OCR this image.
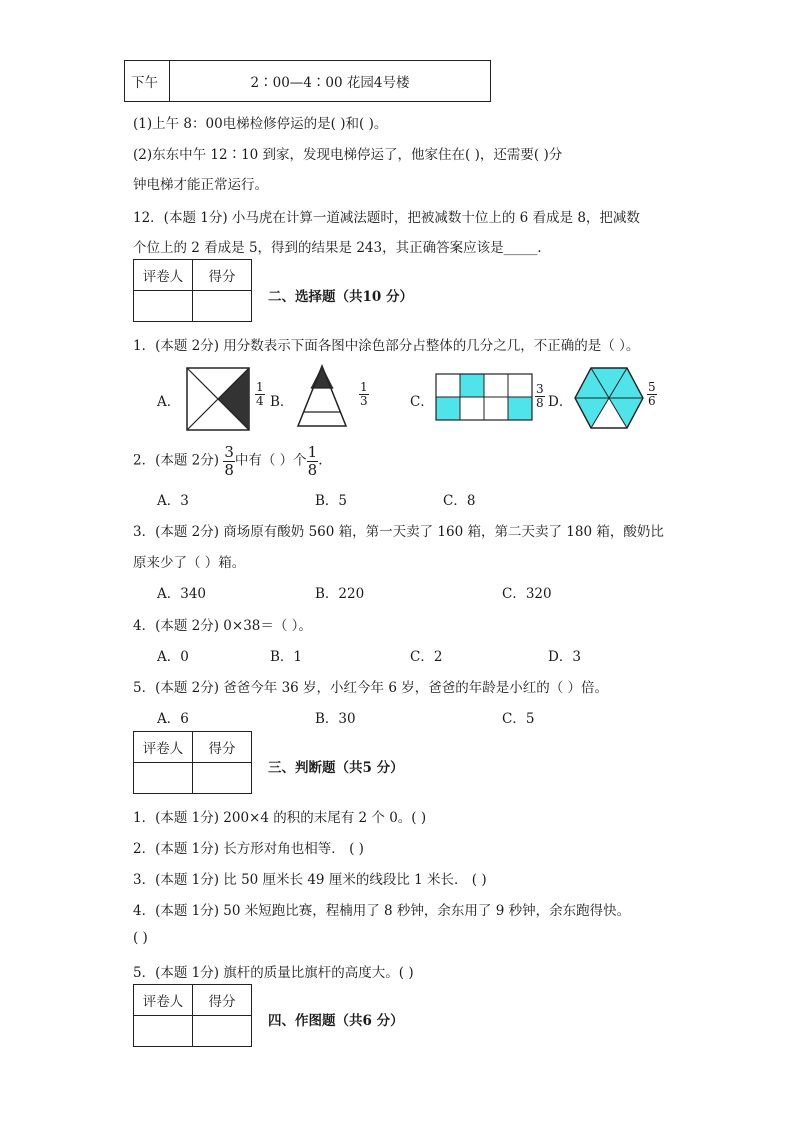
下午	2∶00—4∶00 花园4号楼
(1)上午 8：00电梯检修停运的是( )和( )。
(2)东东中午 12∶10 到家，发现电梯停运了，他家住在( )，还需要( )分
钟电梯才能正常运行。
12．(本题 1分) 小马虎在计算一道减法题时，把被减数十位上的 6 看成是 8，把减数
个位上的 2 看成是 5，得到的结果是 243，其正确答案应该是_____．
评卷人	得分

二、选择题（共10 分）
1．(本题 2分) 用分数表示下面各图中涂色部分占整体的几分之几，不正确的是（ ）。
A．	$\frac{1}{4}$ B．	$\frac{1}{3}$	C．	$\frac{3}{8}$ D．	$\frac{5}{6}$
2．(本题 2分) $\frac{3}{8}$ 中有（ ）个 $\frac{1}{8}$ .
A．3	B．5	C．8
3．(本题 2分) 商场原有酸奶 560 箱，第一天卖了 160 箱，第二天卖了 180 箱，酸奶比
原来少了（ ）箱。
A．340	B．220	C．320
4．(本题 2分) 0×38＝（ ）。
A．0	B．1	C．2	D．3
5．(本题 2分) 爸爸今年 36 岁，小红今年 6 岁，爸爸的年龄是小红的（ ）倍。
A．6	B．30	C．5
评卷人	得分

三、判断题（共5 分）
1．(本题 1分) 200×4 的积的末尾有 2 个 0。( )
2．(本题 1分) 长方形对角也相等． ( )
3．(本题 1分) 比 50 厘米长 49 厘米的线段比 1 米长． ( )
4．(本题 1分) 50 米短跑比赛，程楠用了 8 秒钟，余东用了 9 秒钟，余东跑得快。
( )
5．(本题 1分) 旗杆的质量比旗杆的高度大。( )
评卷人	得分

四、作图题（共6 分）
